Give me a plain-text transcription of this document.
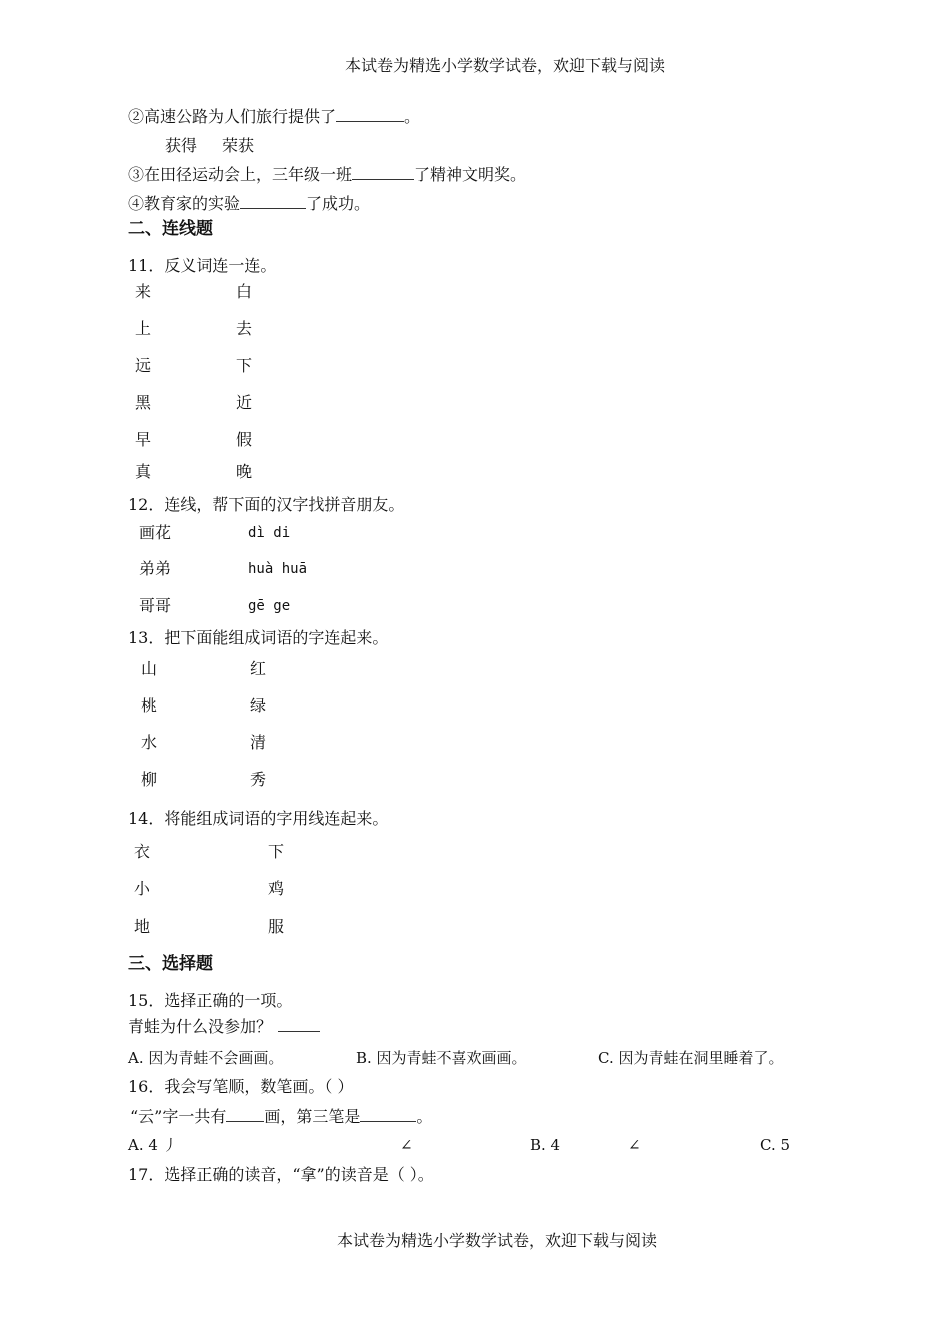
本试卷为精选小学数学试卷，欢迎下载与阅读
②高速公路为人们旅行提供了	。
获得 荣获
③在田径运动会上，三年级一班	了精神文明奖。
④教育家的实验	了成功。
二、连线题
11．反义词连一连。
来	白
上	去
远	下
黑	近
早	假
真	晚
12．连线，帮下面的汉字找拼音朋友。
画花	dì di
弟弟	huà huā
哥哥	gē ge
13．把下面能组成词语的字连起来。
山	红
桃	绿
水	清
柳	秀
14．将能组成词语的字用线连起来。
衣	下
小	鸡
地	服
三、选择题
15．选择正确的一项。
青蛙为什么没参加？
A. 因为青蛙不会画画。	B. 因为青蛙不喜欢画画。	C. 因为青蛙在洞里睡着了。
16．我会写笔顺，数笔画。（ ）
“云”字一共有 画，第三笔是	。
A. 4 丿	∠	B. 4	∠	C. 5
17．选择正确的读音，“拿”的读音是（ ）。
本试卷为精选小学数学试卷，欢迎下载与阅读
